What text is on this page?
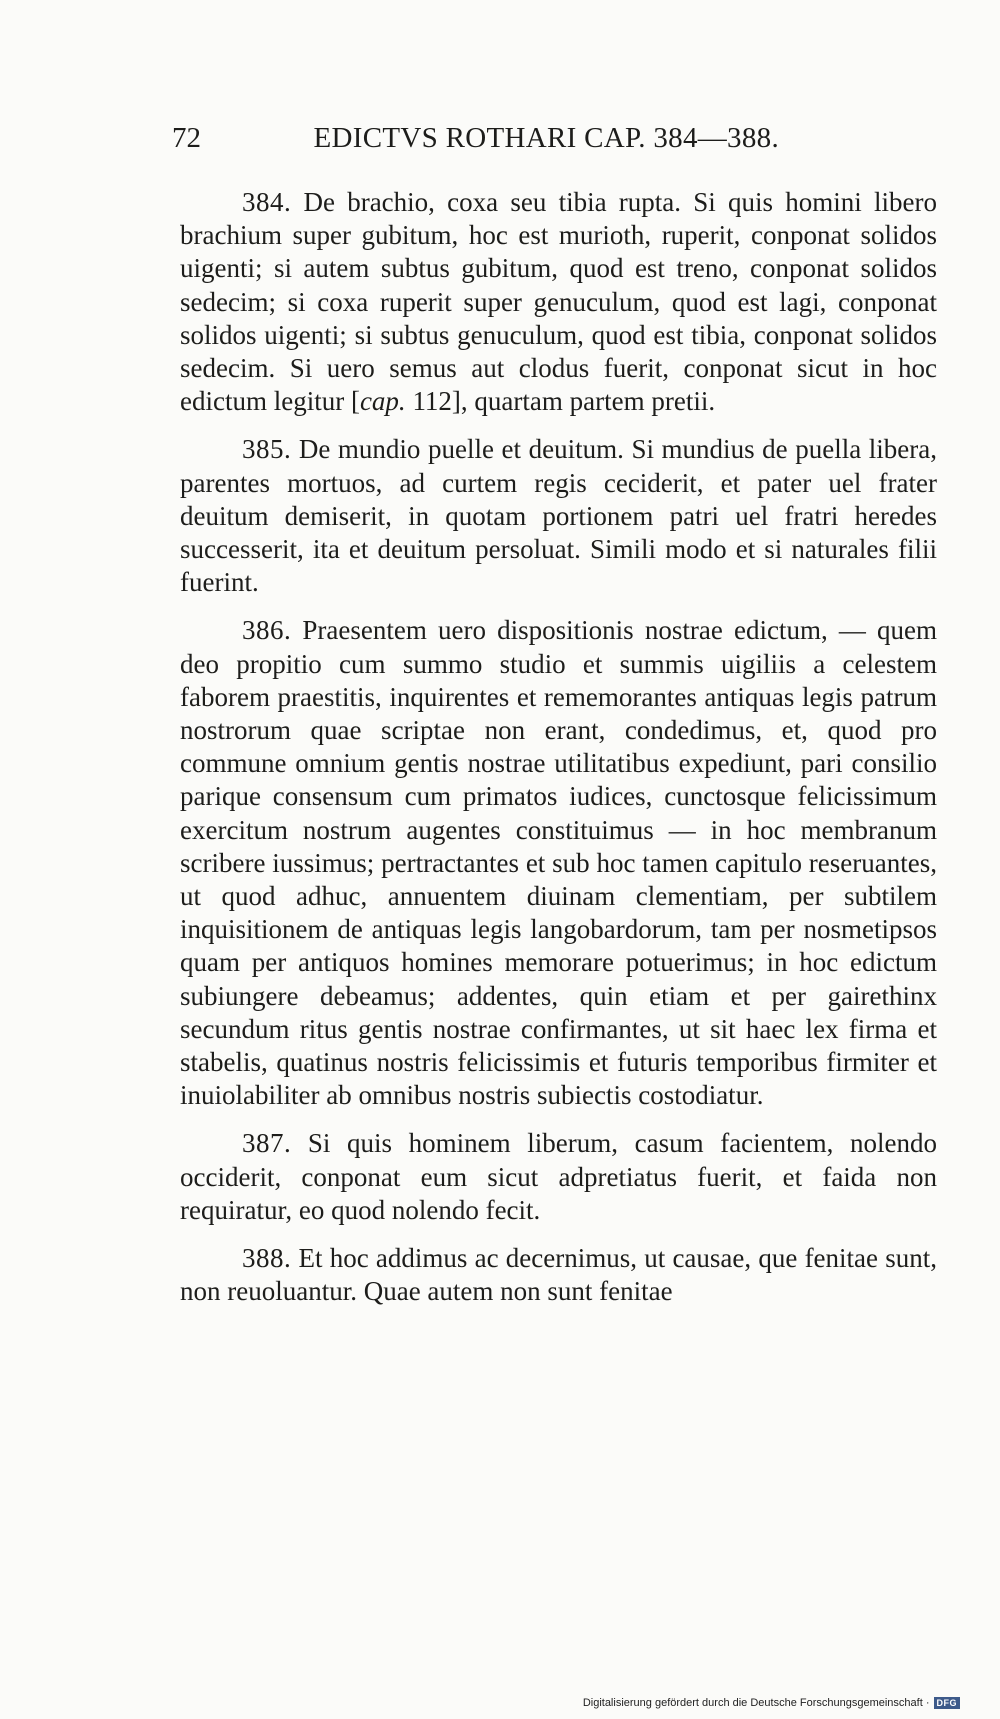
72	EDICTVS ROTHARI CAP. 384—388.

384. De brachio, coxa seu tibia rupta. Si quis homini libero brachium super gubitum, hoc est murioth, ruperit, conponat solidos uigenti; si autem subtus gubitum, quod est treno, conponat solidos sedecim; si coxa ruperit super genuculum, quod est lagi, conponat solidos uigenti; si subtus genuculum, quod est tibia, conponat solidos sedecim. Si uero semus aut clodus fuerit, conponat sicut in hoc edictum legitur [cap. 112], quartam partem pretii.

385. De mundio puelle et deuitum. Si mundius de puella libera, parentes mortuos, ad curtem regis ceciderit, et pater uel frater deuitum demiserit, in quotam portionem patri uel fratri heredes successerit, ita et deuitum persoluat. Simili modo et si naturales filii fuerint.

386. Praesentem uero dispositionis nostrae edictum, — quem deo propitio cum summo studio et summis uigiliis a celestem faborem praestitis, inquirentes et rememorantes antiquas legis patrum nostrorum quae scriptae non erant, condedimus, et, quod pro commune omnium gentis nostrae utilitatibus expediunt, pari consilio parique consensum cum primatos iudices, cunctosque felicissimum exercitum nostrum augentes constituimus — in hoc membranum scribere iussimus; pertractantes et sub hoc tamen capitulo reseruantes, ut quod adhuc, annuentem diuinam clementiam, per subtilem inquisitionem de antiquas legis langobardorum, tam per nosmetipsos quam per antiquos homines memorare potuerimus; in hoc edictum subiungere debeamus; addentes, quin etiam et per gairethinx secundum ritus gentis nostrae confirmantes, ut sit haec lex firma et stabelis, quatinus nostris felicissimis et futuris temporibus firmiter et inuiolabiliter ab omnibus nostris subiectis costodiatur.

387. Si quis hominem liberum, casum facientem, nolendo occiderit, conponat eum sicut adpretiatus fuerit, et faida non requiratur, eo quod nolendo fecit.

388. Et hoc addimus ac decernimus, ut causae, que fenitae sunt, non reuoluantur. Quae autem non sunt fenitae

Digitalisierung gefördert durch die Deutsche Forschungsgemeinschaft · DFG
